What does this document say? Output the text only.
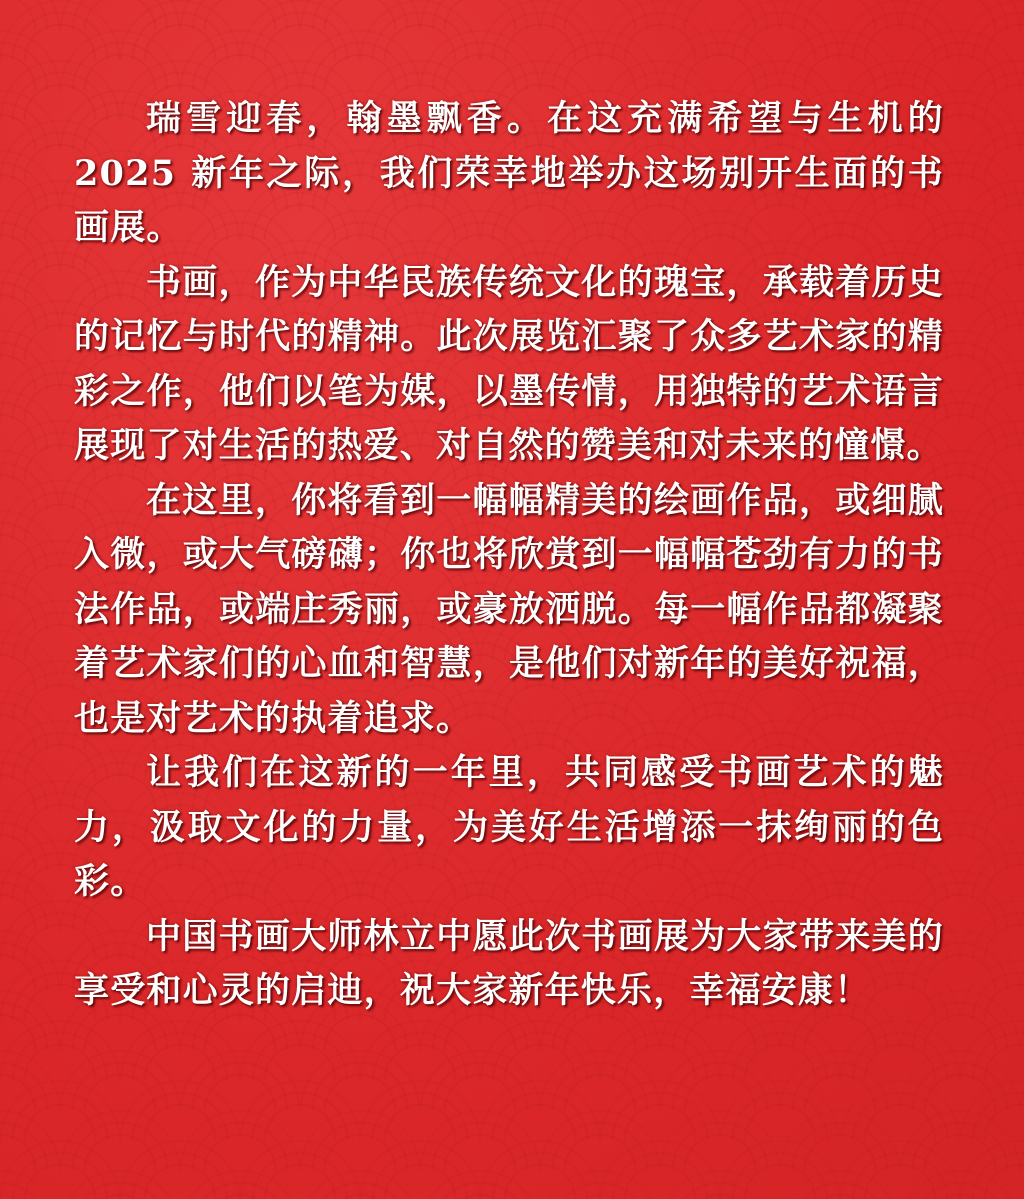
瑞雪迎春，翰墨飘香。在这充满希望与生机的2025 新年之际，我们荣幸地举办这场别开生面的书画展。

书画，作为中华民族传统文化的瑰宝，承载着历史的记忆与时代的精神。此次展览汇聚了众多艺术家的精彩之作，他们以笔为媒，以墨传情，用独特的艺术语言展现了对生活的热爱、对自然的赞美和对未来的憧憬。

在这里，你将看到一幅幅精美的绘画作品，或细腻入微，或大气磅礴；你也将欣赏到一幅幅苍劲有力的书法作品，或端庄秀丽，或豪放洒脱。每一幅作品都凝聚着艺术家们的心血和智慧，是他们对新年的美好祝福，也是对艺术的执着追求。

让我们在这新的一年里，共同感受书画艺术的魅力，汲取文化的力量，为美好生活增添一抹绚丽的色彩。

中国书画大师林立中愿此次书画展为大家带来美的享受和心灵的启迪，祝大家新年快乐，幸福安康！
